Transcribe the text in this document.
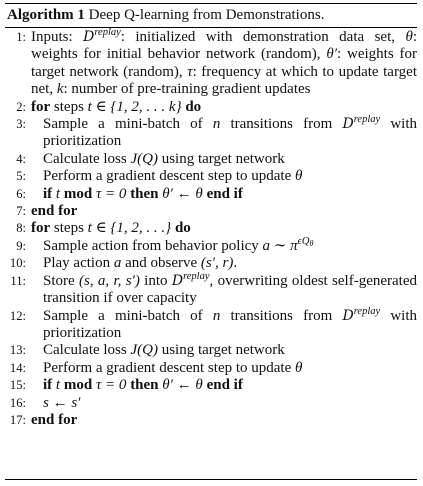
Algorithm 1 Deep Q-learning from Demonstrations.
1: Inputs: $D^{replay}$: initialized with demonstration data set, θ: weights for initial behavior network (random), θ′: weights for target network (random), τ: frequency at which to update target net, k: number of pre-training gradient updates
2: for steps t ∈ {1, 2, . . . k} do
3:	Sample a mini-batch of n transitions from $D^{replay}$ with prioritization
4:	Calculate loss J(Q) using target network
5:	Perform a gradient descent step to update θ
6:	if t mod τ = 0 then θ′ ← θ end if
7: end for
8: for steps t ∈ {1, 2, . . .} do
9:	Sample action from behavior policy a ∼ $\pi^{\epsilon Q_\theta}$
10:	Play action a and observe (s′, r).
11:	Store (s, a, r, s′) into $D^{replay}$, overwriting oldest self-generated transition if over capacity
12:	Sample a mini-batch of n transitions from $D^{replay}$ with prioritization
13:	Calculate loss J(Q) using target network
14:	Perform a gradient descent step to update θ
15:	if t mod τ = 0 then θ′ ← θ end if
16:	s ← s′
17: end for
